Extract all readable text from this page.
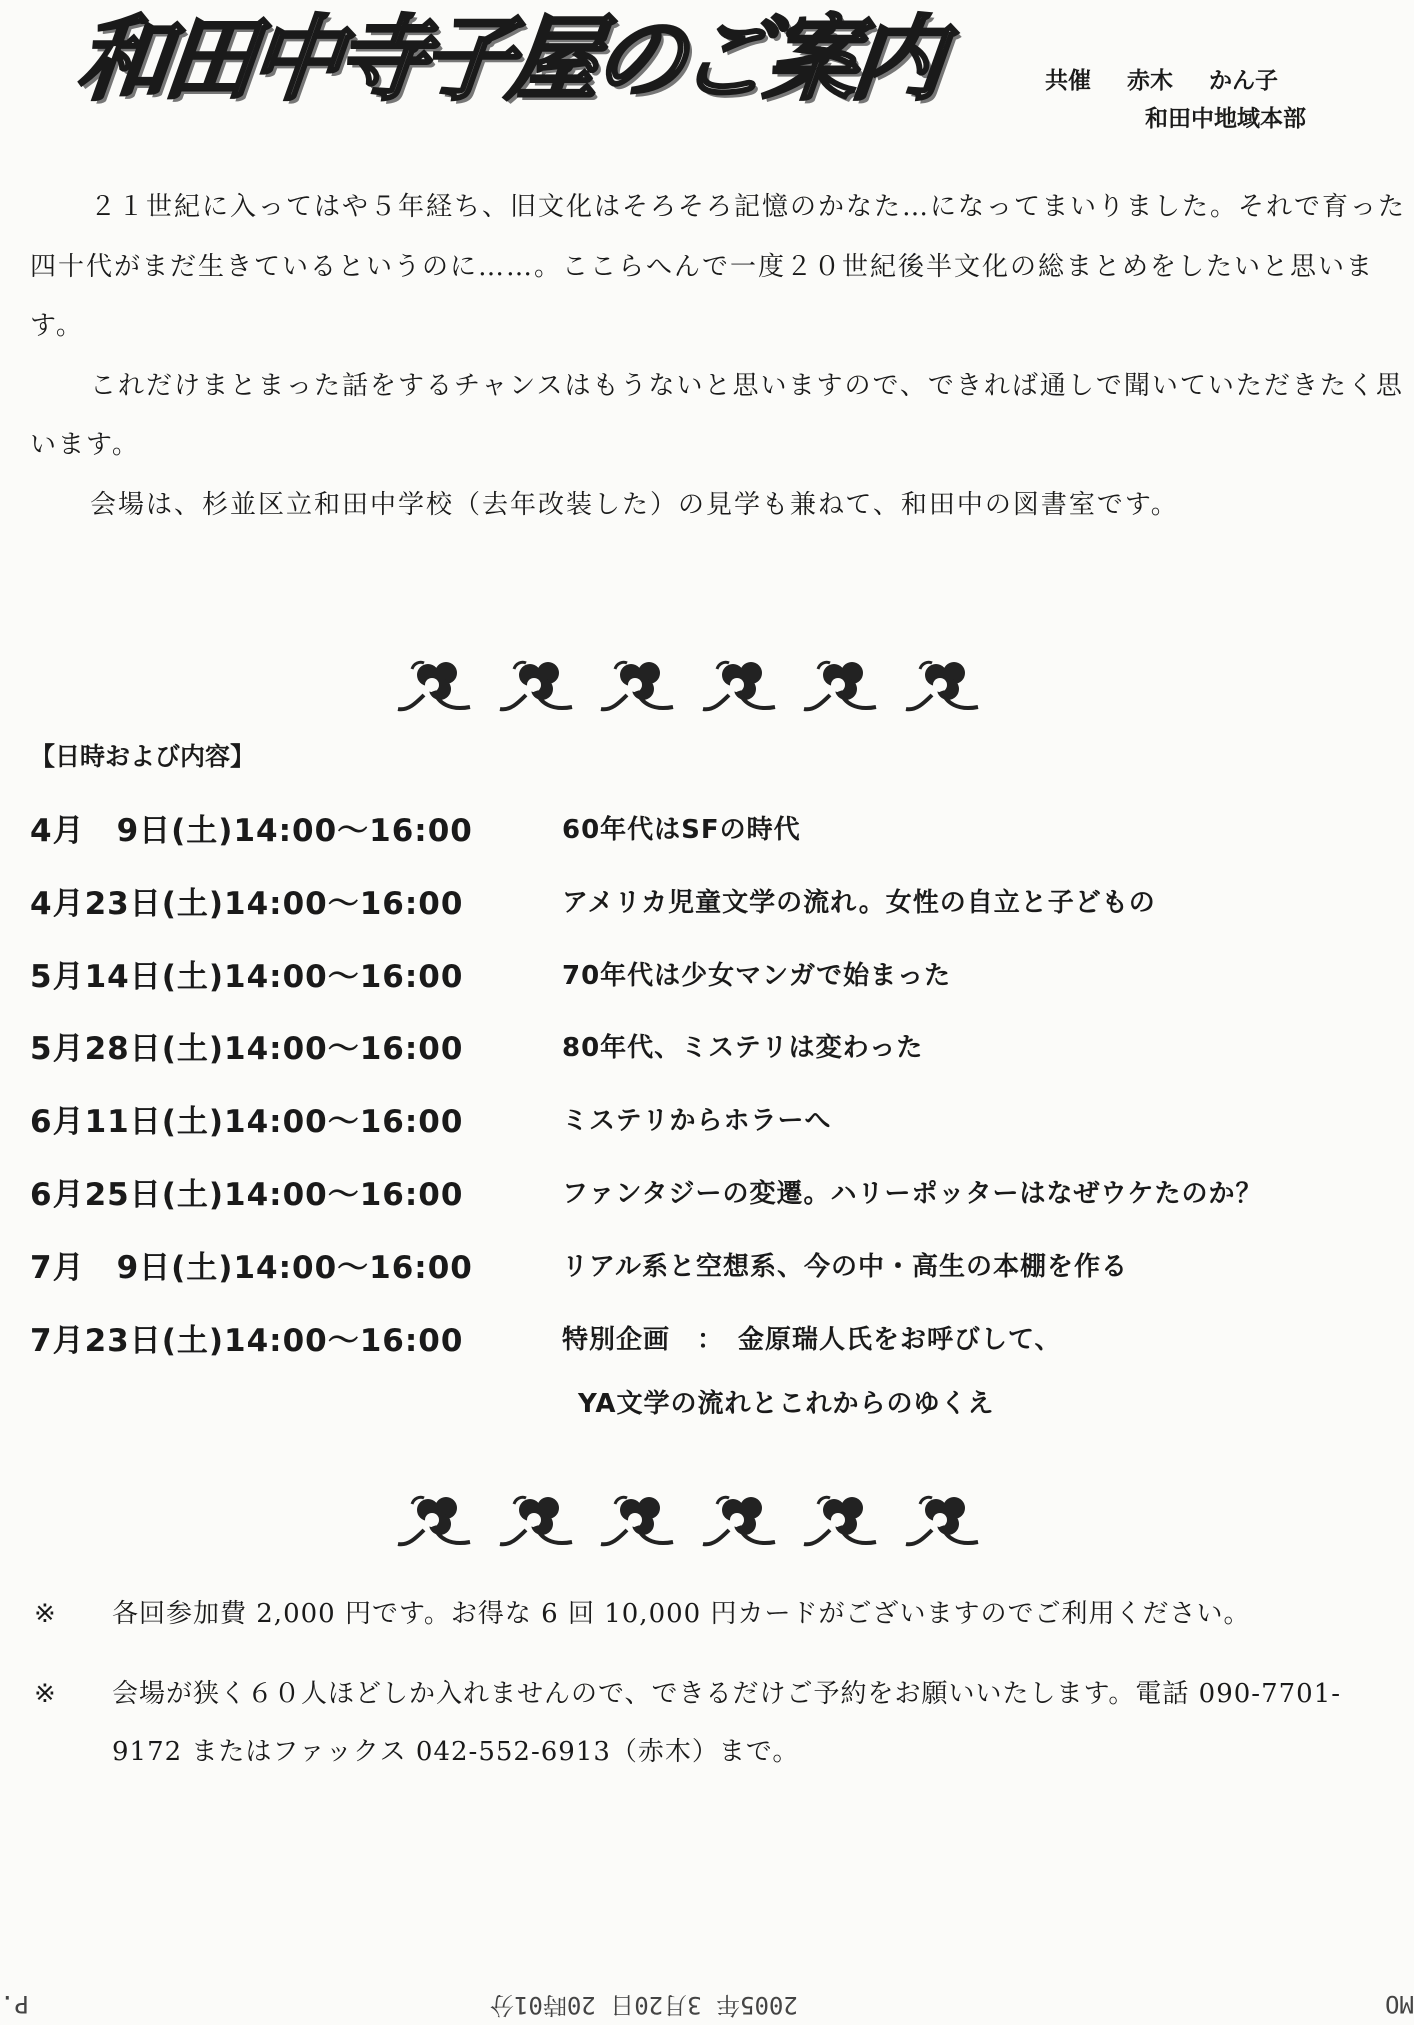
和田中寺子屋のご案内	共催 赤木 かん子
和田中地域本部

２１世紀に入ってはや５年経ち、旧文化はそろそろ記憶のかなた…になってまいりました。それで育った四十代がまだ生きているというのに……。ここらへんで一度２０世紀後半文化の総まとめをしたいと思います。

これだけまとまった話をするチャンスはもうないと思いますので、できれば通しで聞いていただきたく思います。

会場は、杉並区立和田中学校（去年改装した）の見学も兼ねて、和田中の図書室です。

【日時および内容】
4月　9日(土)14:00～16:00	60年代はSFの時代
4月23日(土)14:00～16:00	アメリカ児童文学の流れ。女性の自立と子どもの
5月14日(土)14:00～16:00	70年代は少女マンガで始まった
5月28日(土)14:00～16:00	80年代、ミステリは変わった
6月11日(土)14:00～16:00	ミステリからホラーへ
6月25日(土)14:00～16:00	ファンタジーの変遷。ハリーポッターはなぜウケたのか？
7月　9日(土)14:00～16:00	リアル系と空想系、今の中・高生の本棚を作る
7月23日(土)14:00～16:00	特別企画　：　金原瑞人氏をお呼びして、
YA文学の流れとこれからのゆくえ
※	各回参加費 2,000 円です。お得な 6 回 10,000 円カードがございますのでご利用ください。
※	会場が狭く６０人ほどしか入れませんので、できるだけご予約をお願いいたします。電話 090-7701-9172 またはファックス 042-552-6913（赤木）まで。
P.	2005年 3月20日 20時01分	MO
